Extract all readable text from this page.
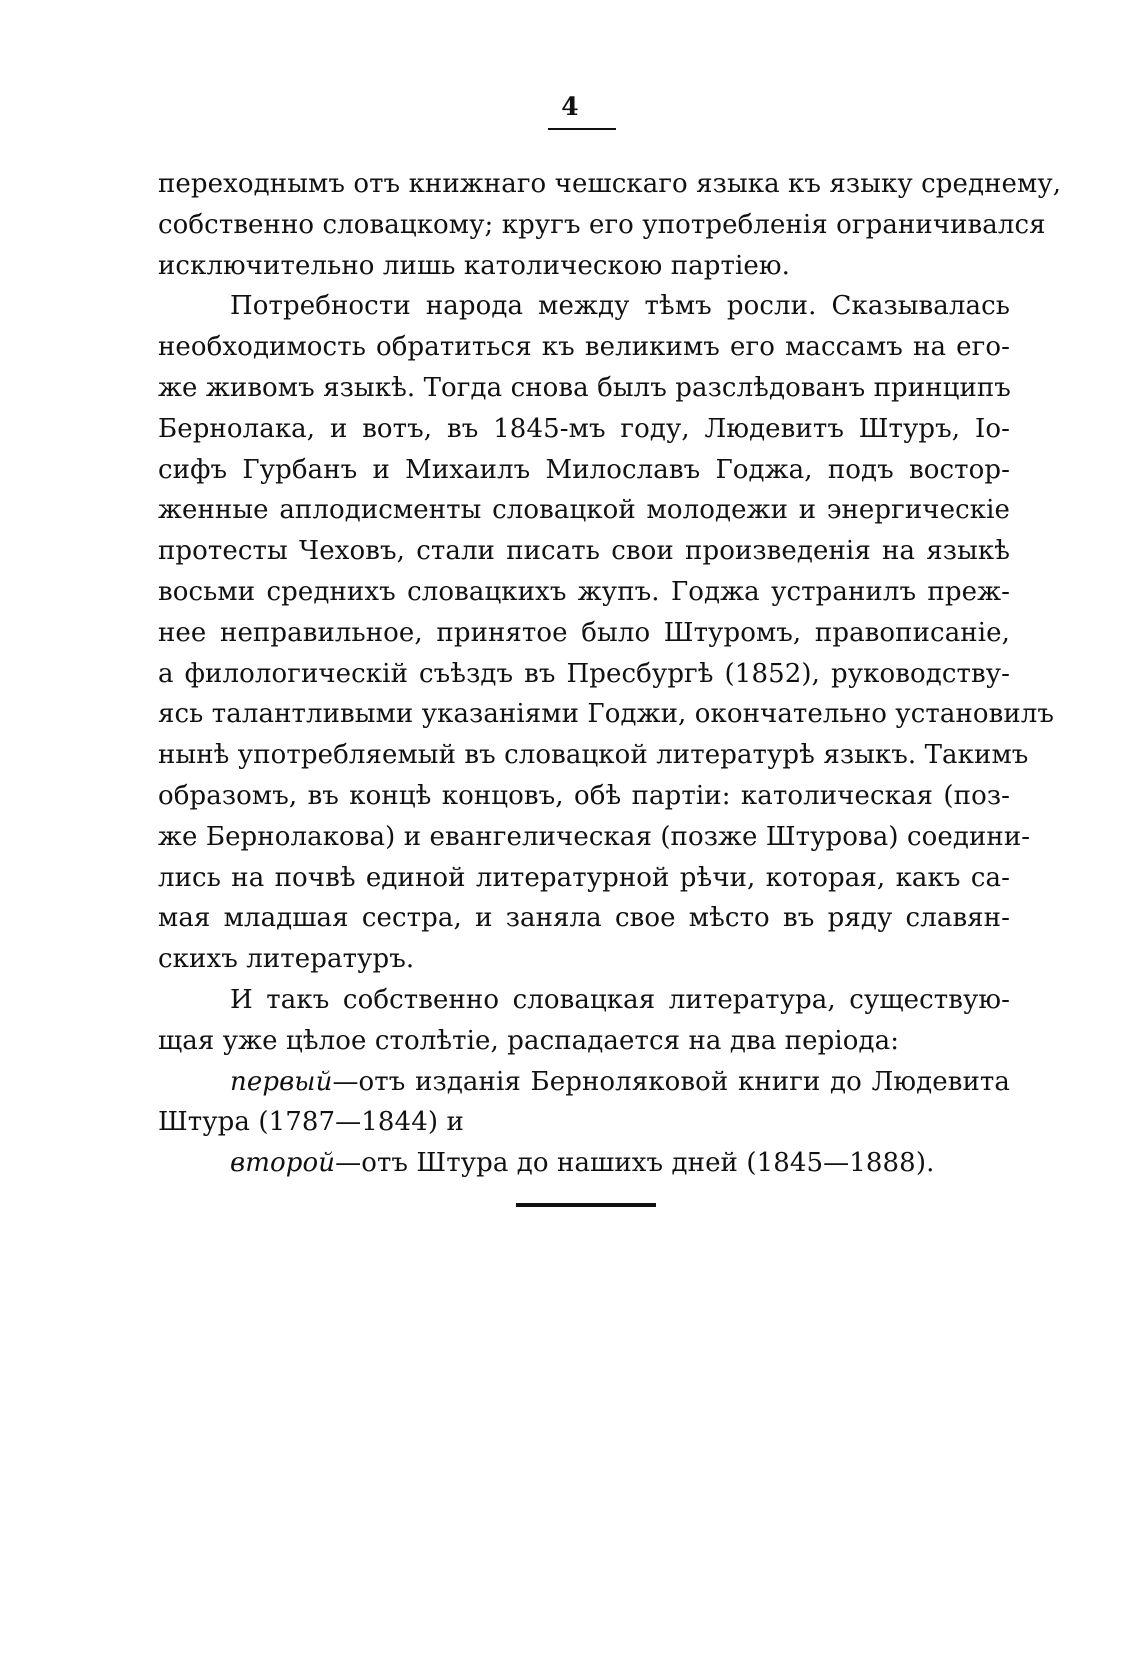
4
переходнымъ отъ книжнаго чешскаго языка къ языку среднему,
собственно словацкому; кругъ его употребленія ограничивался
исключительно лишь католическою партіею.
Потребности народа между тѣмъ росли. Сказывалась
необходимость обратиться къ великимъ его массамъ на его-
же живомъ языкѣ. Тогда снова былъ разслѣдованъ принципъ
Бернолака, и вотъ, въ 1845-мъ году, Людевитъ Штуръ, Іо-
сифъ Гурбанъ и Михаилъ Милославъ Годжа, подъ востор-
женные аплодисменты словацкой молодежи и энергическіе
протесты Чеховъ, стали писать свои произведенія на языкѣ
восьми среднихъ словацкихъ жупъ. Годжа устранилъ преж-
нее неправильное, принятое было Штуромъ, правописаніе,
а филологическій съѣздъ въ Пресбургѣ (1852), руководству-
ясь талантливыми указаніями Годжи, окончательно установилъ
нынѣ употребляемый въ словацкой литературѣ языкъ. Такимъ
образомъ, въ концѣ концовъ, обѣ партіи: католическая (поз-
же Бернолакова) и евангелическая (позже Штурова) соедини-
лись на почвѣ единой литературной рѣчи, которая, какъ са-
мая младшая сестра, и заняла свое мѣсто въ ряду славян-
скихъ литературъ.
И такъ собственно словацкая литература, существую-
щая уже цѣлое столѣтіе, распадается на два періода:
первый—отъ изданія Берноляковой книги до Людевита
Штура (1787—1844) и
второй—отъ Штура до нашихъ дней (1845—1888).
